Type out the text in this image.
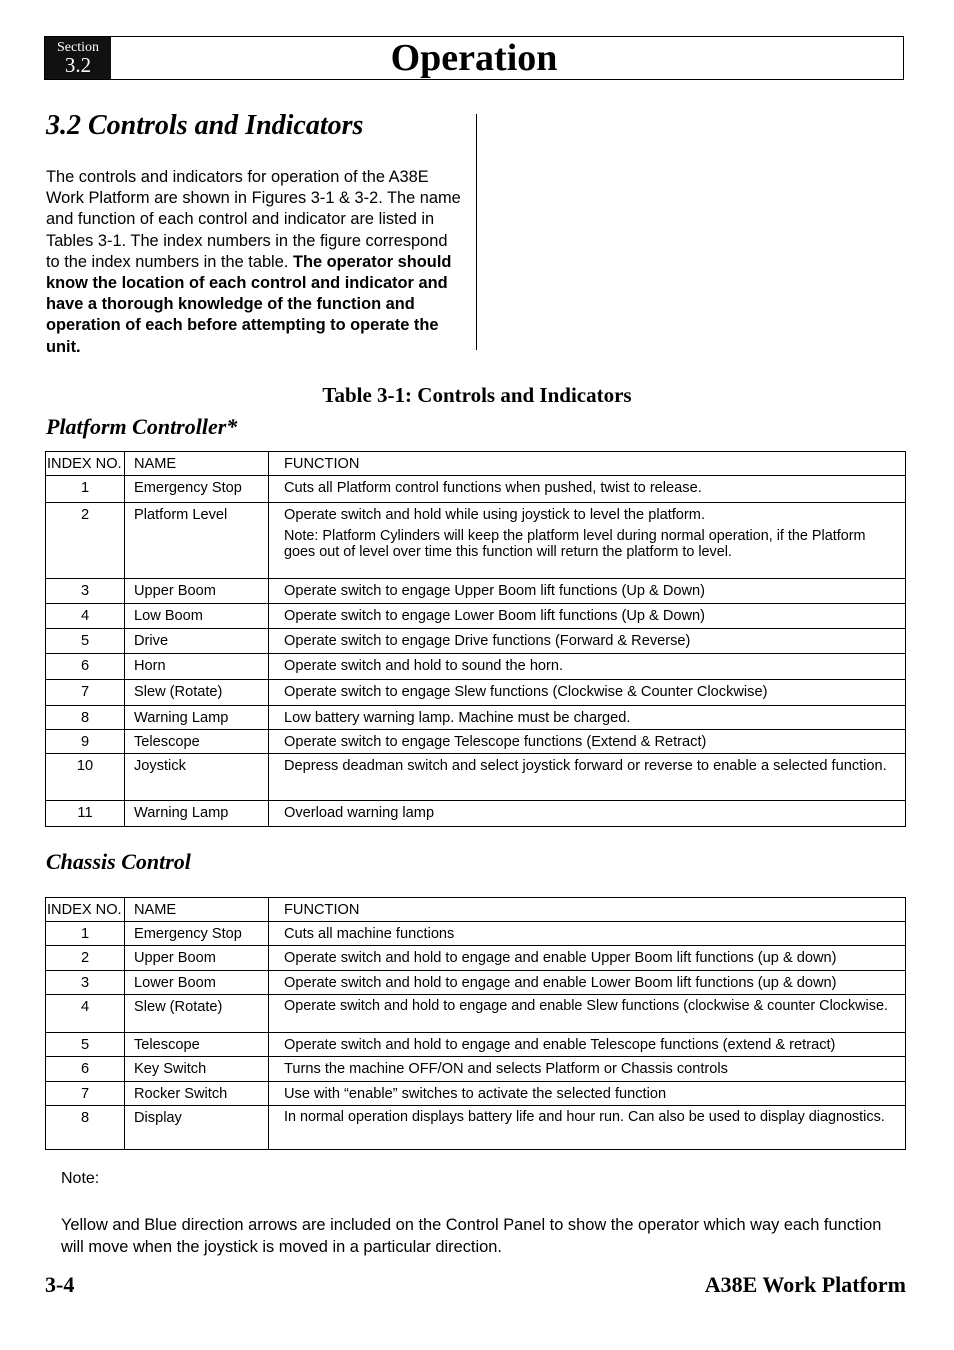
Section
3.2	Operation
3.2 Controls and Indicators
The controls and indicators for operation of the A38E Work Platform are shown in Figures 3-1 & 3-2. The name and function of each control and indicator are listed in Tables 3-1. The index numbers in the figure correspond to the index numbers in the table. The operator should know the location of each control and indicator and have a thorough knowledge of the function and operation of each before attempting to operate the unit.
Table 3-1: Controls and Indicators
Platform Controller*
INDEX NO.	NAME	FUNCTION
1	Emergency Stop	Cuts all Platform control functions when pushed, twist to release.
2	Platform Level	Operate switch and hold while using joystick to level the platform.
Note: Platform Cylinders will keep the platform level during normal operation, if the Platform goes out of level over time this function will return the platform to level.

3	Upper Boom	Operate switch to engage Upper Boom lift functions (Up & Down)
4	Low Boom	Operate switch to engage Lower Boom lift functions (Up & Down)
5	Drive	Operate switch to engage Drive functions (Forward & Reverse)
6	Horn	Operate switch and hold to sound the horn.
7	Slew (Rotate)	Operate switch to engage Slew functions (Clockwise & Counter Clockwise)
8	Warning Lamp	Low battery warning lamp. Machine must be charged.
9	Telescope	Operate switch to engage Telescope functions (Extend & Retract)
10	Joystick	Depress deadman switch and select joystick forward or reverse to enable a selected function.
11	Warning Lamp	Overload warning lamp
Chassis Control
INDEX NO.	NAME	FUNCTION
1	Emergency Stop	Cuts all machine functions
2	Upper Boom	Operate switch and hold to engage and enable Upper Boom lift functions (up & down)
3	Lower Boom	Operate switch and hold to engage and enable Lower Boom lift functions (up & down)
4	Slew (Rotate)	Operate switch and hold to engage and enable Slew functions (clockwise & counter Clockwise.
5	Telescope	Operate switch and hold to engage and enable Telescope functions (extend & retract)
6	Key Switch	Turns the machine OFF/ON and selects Platform or Chassis controls
7	Rocker Switch	Use with “enable” switches to activate the selected function
8	Display	In normal operation displays battery life and hour run. Can also be used to display diagnostics.
Note:
Yellow and Blue direction arrows are included on the Control Panel to show the operator which way each function will move when the joystick is moved in a particular direction.
3-4	A38E Work Platform
